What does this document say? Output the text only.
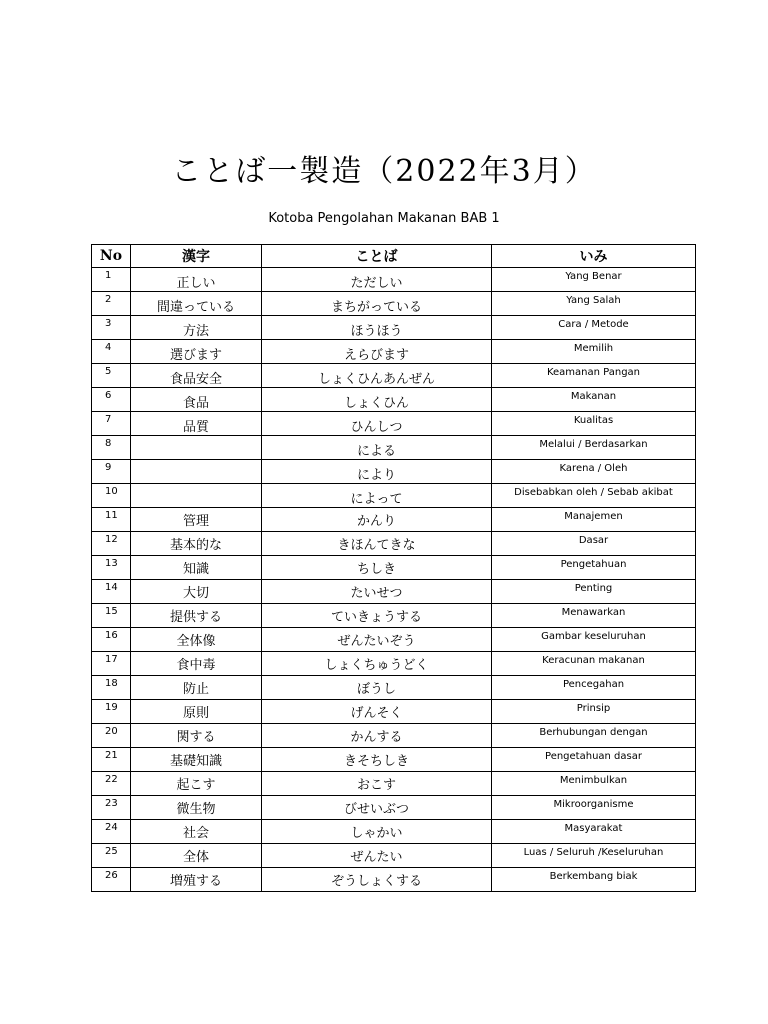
ことば一製造（2022年3月）
Kotoba Pengolahan Makanan BAB 1
No	漢字	ことば	いみ
1	正しい	ただしい	Yang Benar
2	間違っている	まちがっている	Yang Salah
3	方法	ほうほう	Cara / Metode
4	選びます	えらびます	Memilih
5	食品安全	しょくひんあんぜん	Keamanan Pangan
6	食品	しょくひん	Makanan
7	品質	ひんしつ	Kualitas
8		による	Melalui / Berdasarkan
9		により	Karena / Oleh
10		によって	Disebabkan oleh / Sebab akibat
11	管理	かんり	Manajemen
12	基本的な	きほんてきな	Dasar
13	知識	ちしき	Pengetahuan
14	大切	たいせつ	Penting
15	提供する	ていきょうする	Menawarkan
16	全体像	ぜんたいぞう	Gambar keseluruhan
17	食中毒	しょくちゅうどく	Keracunan makanan
18	防止	ぼうし	Pencegahan
19	原則	げんそく	Prinsip
20	関する	かんする	Berhubungan dengan
21	基礎知識	きそちしき	Pengetahuan dasar
22	起こす	おこす	Menimbulkan
23	微生物	びせいぶつ	Mikroorganisme
24	社会	しゃかい	Masyarakat
25	全体	ぜんたい	Luas / Seluruh /Keseluruhan
26	増殖する	ぞうしょくする	Berkembang biak
